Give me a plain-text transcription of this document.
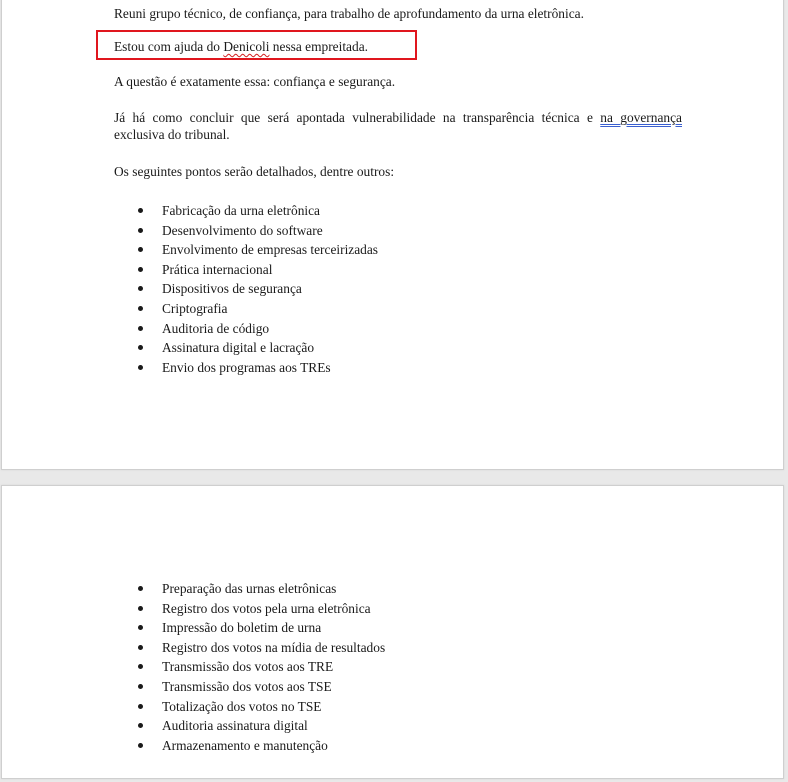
Reuni grupo técnico, de confiança, para trabalho de aprofundamento da urna eletrônica.

Estou com ajuda do Denicoli nessa empreitada.

A questão é exatamente essa: confiança e segurança.

Já há como concluir que será apontada vulnerabilidade na transparência técnica e na governança exclusiva do tribunal.

Os seguintes pontos serão detalhados, dentre outros:

Fabricação da urna eletrônica
Desenvolvimento do software
Envolvimento de empresas terceirizadas
Prática internacional
Dispositivos de segurança
Criptografia
Auditoria de código
Assinatura digital e lacração
Envio dos programas aos TREs
Preparação das urnas eletrônicas
Registro dos votos pela urna eletrônica
Impressão do boletim de urna
Registro dos votos na mídia de resultados
Transmissão dos votos aos TRE
Transmissão dos votos aos TSE
Totalização dos votos no TSE
Auditoria assinatura digital
Armazenamento e manutenção
